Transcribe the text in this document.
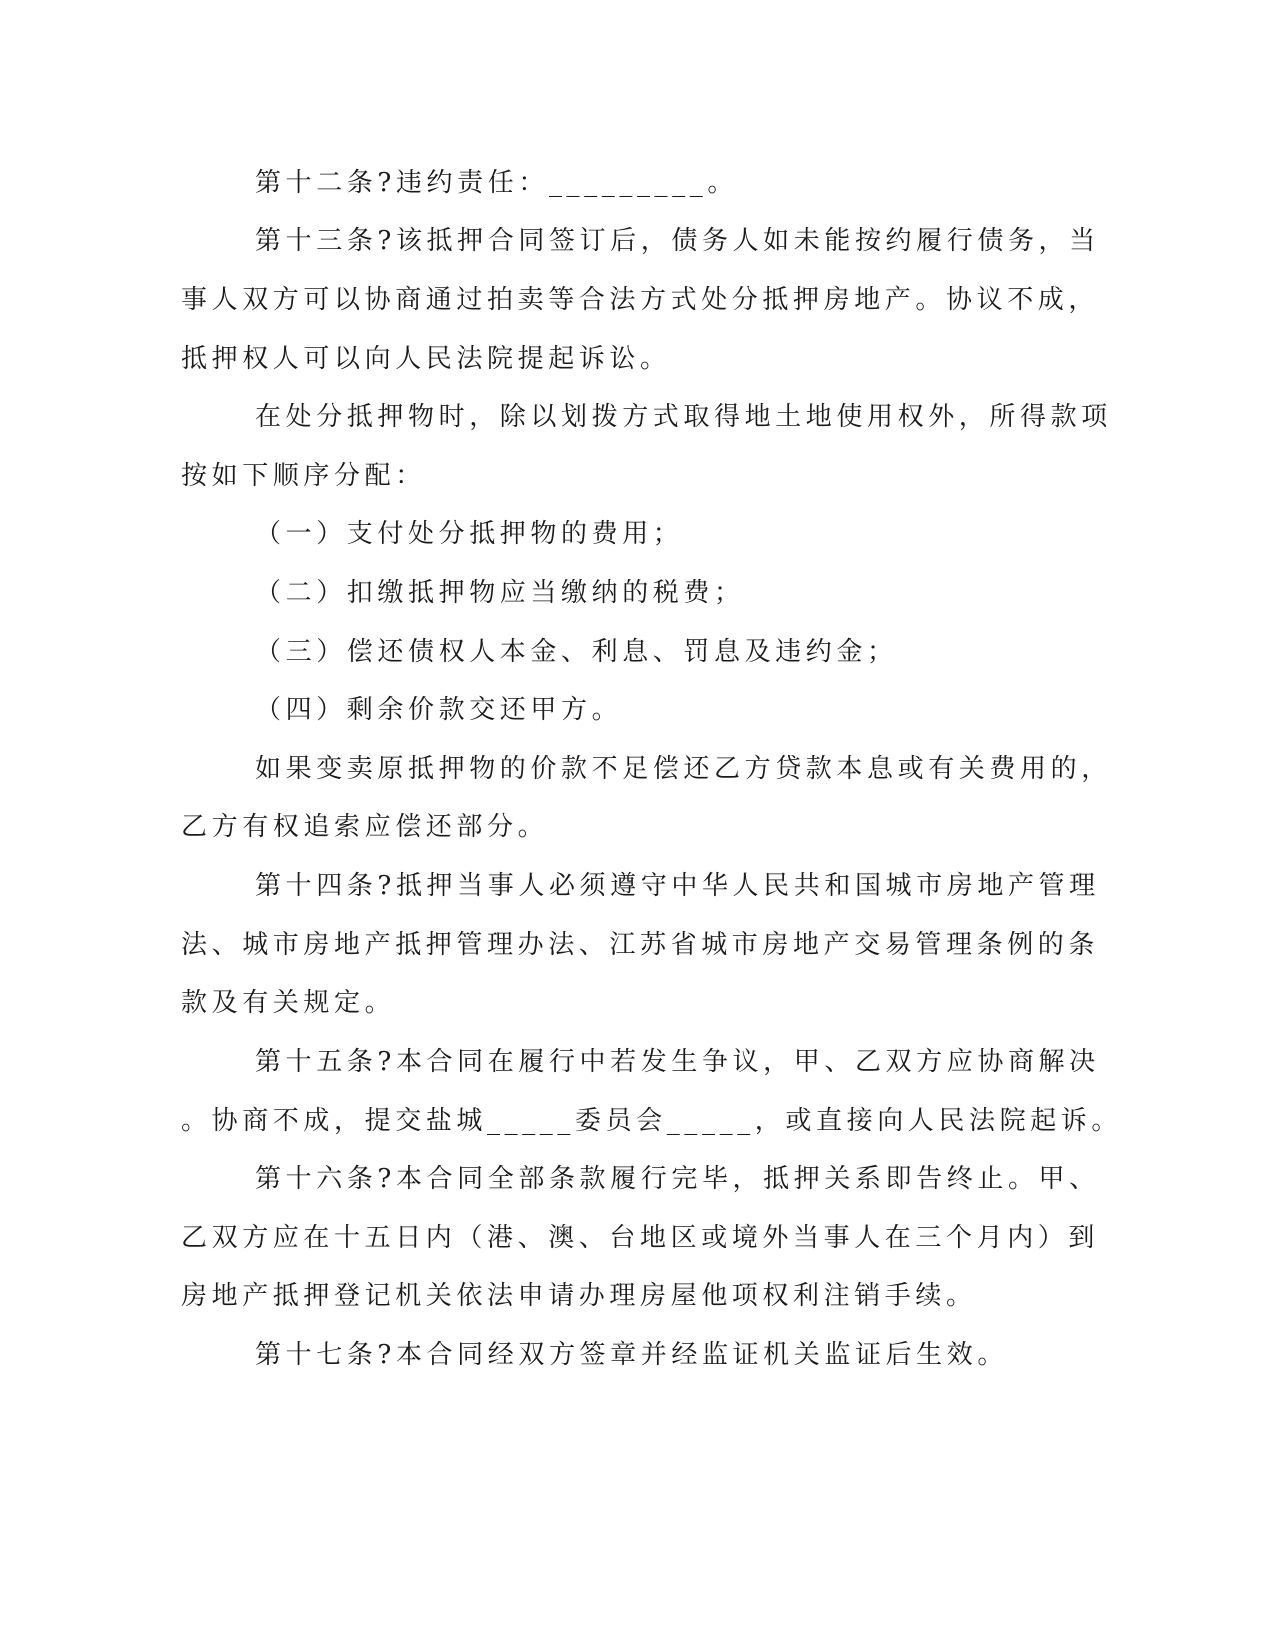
第十二条?违约责任：_________。
第十三条?该抵押合同签订后，债务人如未能按约履行债务，当
事人双方可以协商通过拍卖等合法方式处分抵押房地产。协议不成，
抵押权人可以向人民法院提起诉讼。
在处分抵押物时，除以划拨方式取得地土地使用权外，所得款项
按如下顺序分配：
（一）支付处分抵押物的费用；
（二）扣缴抵押物应当缴纳的税费；
（三）偿还债权人本金、利息、罚息及违约金；
（四）剩余价款交还甲方。
如果变卖原抵押物的价款不足偿还乙方贷款本息或有关费用的，
乙方有权追索应偿还部分。
第十四条?抵押当事人必须遵守中华人民共和国城市房地产管理
法、城市房地产抵押管理办法、江苏省城市房地产交易管理条例的条
款及有关规定。
第十五条?本合同在履行中若发生争议，甲、乙双方应协商解决
。协商不成，提交盐城_____委员会_____，或直接向人民法院起诉。
第十六条?本合同全部条款履行完毕，抵押关系即告终止。甲、
乙双方应在十五日内（港、澳、台地区或境外当事人在三个月内）到
房地产抵押登记机关依法申请办理房屋他项权利注销手续。
第十七条?本合同经双方签章并经监证机关监证后生效。
